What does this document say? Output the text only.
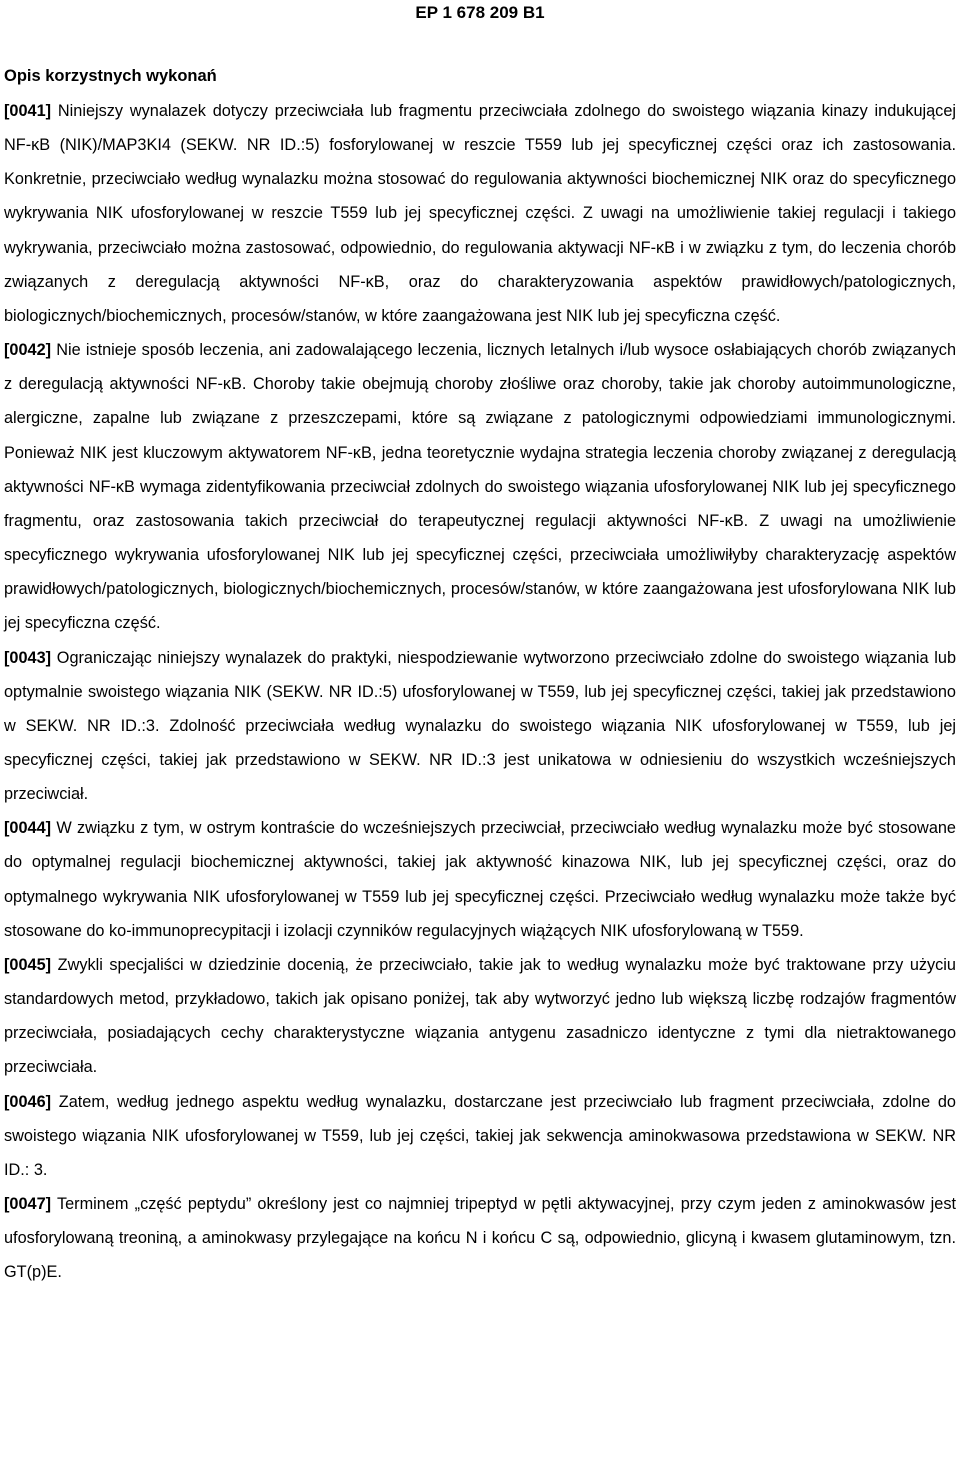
EP 1 678 209 B1
Opis korzystnych wykonań

[0041] Niniejszy wynalazek dotyczy przeciwciała lub fragmentu przeciwciała zdolnego do swoistego wiązania kinazy indukującej NF-κB (NIK)/MAP3KI4 (SEKW. NR ID.:5) fosforylowanej w reszcie T559 lub jej specyficznej części oraz ich zastosowania. Konkretnie, przeciwciało według wynalazku można stosować do regulowania aktywności biochemicznej NIK oraz do specyficznego wykrywania NIK ufosforylowanej w reszcie T559 lub jej specyficznej części. Z uwagi na umożliwienie takiej regulacji i takiego wykrywania, przeciwciało można zastosować, odpowiednio, do regulowania aktywacji NF-κB i w związku z tym, do leczenia chorób związanych z deregulacją aktywności NF-κB, oraz do charakteryzowania aspektów prawidłowych/patologicznych, biologicznych/biochemicznych, procesów/stanów, w które zaangażowana jest NIK lub jej specyficzna część.

[0042] Nie istnieje sposób leczenia, ani zadowalającego leczenia, licznych letalnych i/lub wysoce osłabiających chorób związanych z deregulacją aktywności NF-κB. Choroby takie obejmują choroby złośliwe oraz choroby, takie jak choroby autoimmunologiczne, alergiczne, zapalne lub związane z przeszczepami, które są związane z patologicznymi odpowiedziami immunologicznymi. Ponieważ NIK jest kluczowym aktywatorem NF-κB, jedna teoretycznie wydajna strategia leczenia choroby związanej z deregulacją aktywności NF-κB wymaga zidentyfikowania przeciwciał zdolnych do swoistego wiązania ufosforylowanej NIK lub jej specyficznego fragmentu, oraz zastosowania takich przeciwciał do terapeutycznej regulacji aktywności NF-κB. Z uwagi na umożliwienie specyficznego wykrywania ufosforylowanej NIK lub jej specyficznej części, przeciwciała umożliwiłyby charakteryzację aspektów prawidłowych/patologicznych, biologicznych/biochemicznych, procesów/stanów, w które zaangażowana jest ufosforylowana NIK lub jej specyficzna część.

[0043] Ograniczając niniejszy wynalazek do praktyki, niespodziewanie wytworzono przeciwciało zdolne do swoistego wiązania lub optymalnie swoistego wiązania NIK (SEKW. NR ID.:5) ufosforylowanej w T559, lub jej specyficznej części, takiej jak przedstawiono w SEKW. NR ID.:3. Zdolność przeciwciała według wynalazku do swoistego wiązania NIK ufosforylowanej w T559, lub jej specyficznej części, takiej jak przedstawiono w SEKW. NR ID.:3 jest unikatowa w odniesieniu do wszystkich wcześniejszych przeciwciał.

[0044] W związku z tym, w ostrym kontraście do wcześniejszych przeciwciał, przeciwciało według wynalazku może być stosowane do optymalnej regulacji biochemicznej aktywności, takiej jak aktywność kinazowa NIK, lub jej specyficznej części, oraz do optymalnego wykrywania NIK ufosforylowanej w T559 lub jej specyficznej części. Przeciwciało według wynalazku może także być stosowane do ko-immunoprecypitacji i izolacji czynników regulacyjnych wiążących NIK ufosforylowaną w T559.

[0045] Zwykli specjaliści w dziedzinie docenią, że przeciwciało, takie jak to według wynalazku może być traktowane przy użyciu standardowych metod, przykładowo, takich jak opisano poniżej, tak aby wytworzyć jedno lub większą liczbę rodzajów fragmentów przeciwciała, posiadających cechy charakterystyczne wiązania antygenu zasadniczo identyczne z tymi dla nietraktowanego przeciwciała.

[0046] Zatem, według jednego aspektu według wynalazku, dostarczane jest przeciwciało lub fragment przeciwciała, zdolne do swoistego wiązania NIK ufosforylowanej w T559, lub jej części, takiej jak sekwencja aminokwasowa przedstawiona w SEKW. NR ID.: 3.

[0047] Terminem „część peptydu” określony jest co najmniej tripeptyd w pętli aktywacyjnej, przy czym jeden z aminokwasów jest ufosforylowaną treoniną, a aminokwasy przylegające na końcu N i końcu C są, odpowiednio, glicyną i kwasem glutaminowym, tzn. GT(p)E.
